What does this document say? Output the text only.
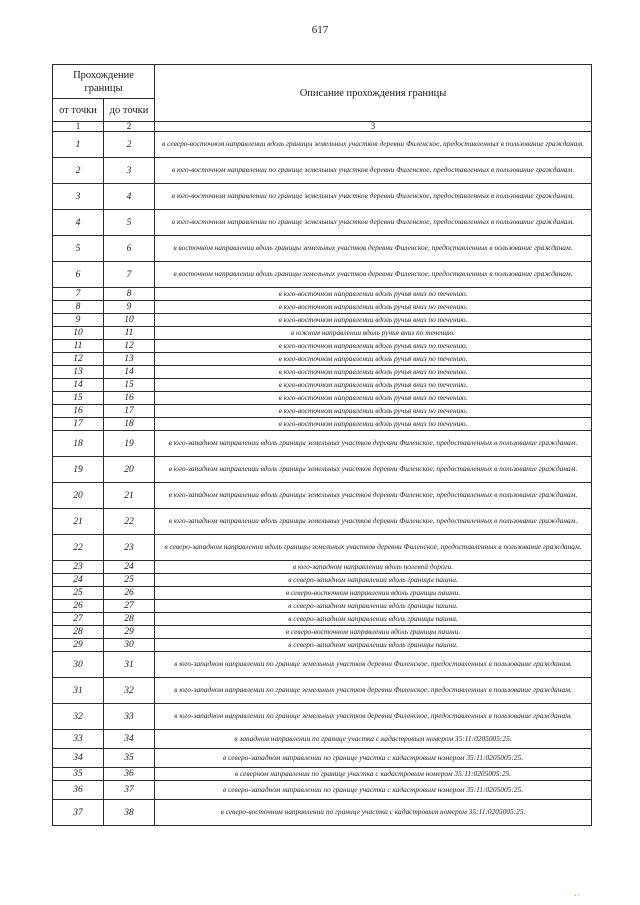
617
Прохождение границы		Описание прохождения границы
от точки	до точки	
1	2	3
1	2	в северо-восточном направлении вдоль границы земельных участков деревни Филенское, предоставленных в пользование гражданам.
2	3	в юго-восточном направлении по границе земельных участков деревни Филенское, предоставленных в пользование гражданам.
3	4	в юго-восточном направлении по границе земельных участков деревни Филенское, предоставленных в пользование гражданам.
4	5	в юго-восточном направлении по границе земельных участков деревни Филенское, предоставленных в пользование гражданам.
5	6	в восточном направлении вдоль границы земельных участков деревни Филенское, предоставленных в пользование гражданам.
6	7	в восточном направлении вдоль границы земельных участков деревни Филенское, предоставленных в пользование гражданам.
7	8	в юго-восточном направлении вдоль ручья вниз по течению.
8	9	в юго-восточном направлении вдоль ручья вниз по течению.
9	10	в юго-восточном направлении вдоль ручья вниз по течению.
10	11	в южном направлении вдоль ручья вниз по течению.
11	12	в юго-восточном направлении вдоль ручья вниз по течению.
12	13	в юго-восточном направлении вдоль ручья вниз по течению.
13	14	в юго-восточном направлении вдоль ручья вниз по течению.
14	15	в юго-восточном направлении вдоль ручья вниз по течению.
15	16	в юго-восточном направлении вдоль ручья вниз по течению.
16	17	в юго-восточном направлении вдоль ручья вниз по течению.
17	18	в юго-восточном направлении вдоль ручья вниз по течению.
18	19	в юго-западном направлении вдоль границы земельных участков деревни Филенское, предоставленных в пользование гражданам.
19	20	в юго-западном направлении вдоль границы земельных участков деревни Филенское, предоставленных в пользование гражданам.
20	21	в юго-западном направлении вдоль границы земельных участков деревни Филенское, предоставленных в пользование гражданам.
21	22	в юго-западном направлении вдоль границы земельных участков деревни Филенское, предоставленных в пользование гражданам.
22	23	в северо-западном направлении вдоль границы земельных участков деревни Филенское, предоставленных в пользование гражданам.
23	24	в юго-западном направлении вдоль полевой дороги.
24	25	в северо-западном направлении вдоль границы пашни.
25	26	в северо-восточном направлении вдоль границы пашни.
26	27	в северо-западном направлении вдоль границы пашни.
27	28	в северо-западном направлении вдоль границы пашни.
28	29	в северо-восточном направлении вдоль границы пашни.
29	30	в северо-западном направлении вдоль границы пашни.
30	31	в юго-западном направлении по границе земельных участков деревни Филенское, предоставленных в пользование гражданам.
31	32	в юго-западном направлении по границе земельных участков деревни Филенское, предоставленных в пользование гражданам.
32	33	в юго-западном направлении по границе земельных участков деревни Филенское, предоставленных в пользование гражданам.
33	34	в западном направлении по границе участка с кадастровым номером 35:11:0205005:25.
34	35	в северо-западном направлении по границе участка с кадастровым номером 35:11:0205005:25.
35	36	в северном направлении по границе участка с кадастровым номером 35:11:0205005:25.
36	37	в северо-западном направлении по границе участка с кадастровым номером 35:11:0205005:25.
37	38	в северо-восточном направлении по границе участка с кадастровым номером 35:11:0205005:25.
▪ ▫
